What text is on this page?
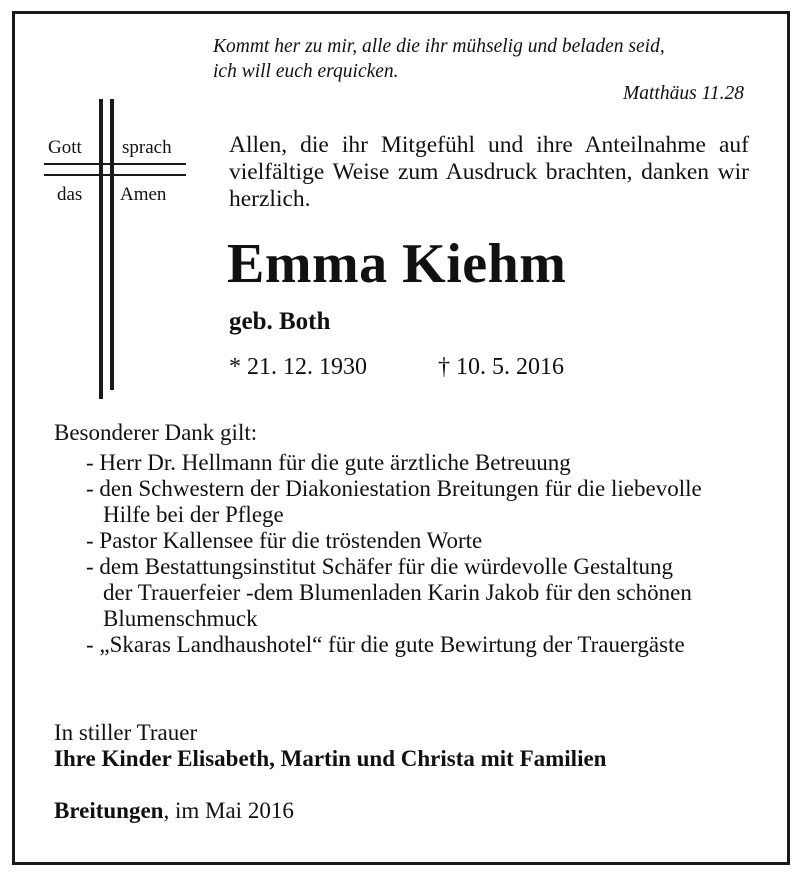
Kommt her zu mir, alle die ihr mühselig und beladen seid,
ich will euch erquicken.
Matthäus 11.28
Gott sprach
das Amen
Allen, die ihr Mitgefühl und ihre Anteilnahme auf vielfältige Weise zum Ausdruck brachten, danken wir herzlich.
Emma Kiehm
geb. Both
* 21. 12. 1930	† 10. 5. 2016
Besonderer Dank gilt:
- Herr Dr. Hellmann für die gute ärztliche Betreuung
- den Schwestern der Diakoniestation Breitungen für die liebevolle Hilfe bei der Pflege
- Pastor Kallensee für die tröstenden Worte
- dem Bestattungsinstitut Schäfer für die würdevolle Gestaltung der Trauerfeier -dem Blumenladen Karin Jakob für den schönen Blumenschmuck
- „Skaras Landhaushotel“ für die gute Bewirtung der Trauergäste
In stiller Trauer
Ihre Kinder Elisabeth, Martin und Christa mit Familien
Breitungen, im Mai 2016
